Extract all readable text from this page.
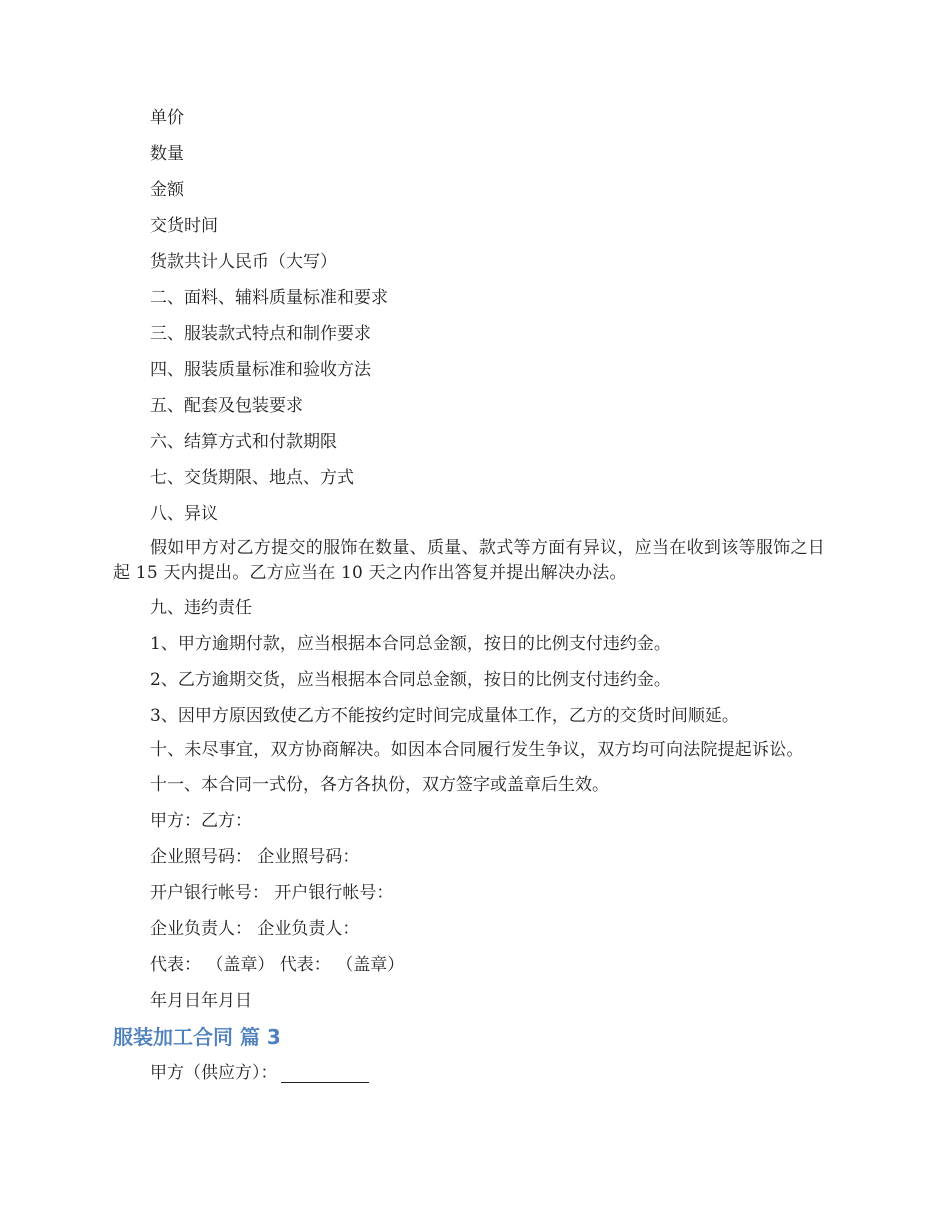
单价
数量
金额
交货时间
货款共计人民币（大写）
二、面料、辅料质量标准和要求
三、服装款式特点和制作要求
四、服装质量标准和验收方法
五、配套及包装要求
六、结算方式和付款期限
七、交货期限、地点、方式
八、异议

假如甲方对乙方提交的服饰在数量、质量、款式等方面有异议，应当在收到该等服饰之日起 15 天内提出。乙方应当在 10 天之内作出答复并提出解决办法。

九、违约责任
1、甲方逾期付款，应当根据本合同总金额，按日的比例支付违约金。
2、乙方逾期交货，应当根据本合同总金额，按日的比例支付违约金。
3、因甲方原因致使乙方不能按约定时间完成量体工作，乙方的交货时间顺延。

十、未尽事宜，双方协商解决。如因本合同履行发生争议，双方均可向法院提起诉讼。

十一、本合同一式份，各方各执份，双方签字或盖章后生效。
甲方：乙方：
企业照号码： 企业照号码：
开户银行帐号： 开户银行帐号：
企业负责人： 企业负责人：
代表： （盖章） 代表： （盖章）
年月日年月日
服装加工合同 篇 3
甲方（供应方）：
